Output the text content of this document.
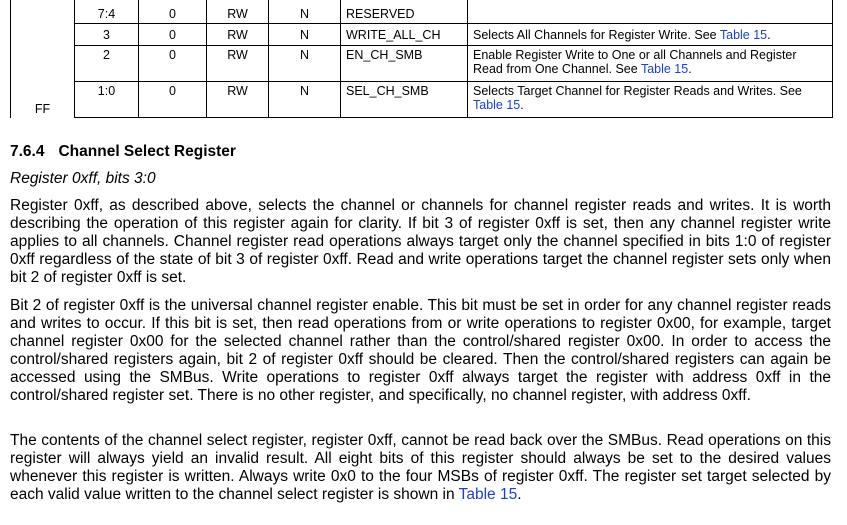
FF	7:4	0	RW	N	RESERVED	
	3	0	RW	N	WRITE_ALL_CH	Selects All Channels for Register Write. See Table 15.
	2	0	RW	N	EN_CH_SMB	Enable Register Write to One or all Channels and Register Read from One Channel. See Table 15.
	1:0	0	RW	N	SEL_CH_SMB	Selects Target Channel for Register Reads and Writes. See Table 15.
7.6.4 Channel Select Register
Register 0xff, bits 3:0

Register 0xff, as described above, selects the channel or channels for channel register reads and writes. It is worth describing the operation of this register again for clarity. If bit 3 of register 0xff is set, then any channel register write applies to all channels. Channel register read operations always target only the channel specified in bits 1:0 of register 0xff regardless of the state of bit 3 of register 0xff. Read and write operations target the channel register sets only when bit 2 of register 0xff is set.

Bit 2 of register 0xff is the universal channel register enable. This bit must be set in order for any channel register reads and writes to occur. If this bit is set, then read operations from or write operations to register 0x00, for example, target channel register 0x00 for the selected channel rather than the control/shared register 0x00. In order to access the control/shared registers again, bit 2 of register 0xff should be cleared. Then the control/shared registers can again be accessed using the SMBus. Write operations to register 0xff always target the register with address 0xff in the control/shared register set. There is no other register, and specifically, no channel register, with address 0xff.

The contents of the channel select register, register 0xff, cannot be read back over the SMBus. Read operations on this register will always yield an invalid result. All eight bits of this register should always be set to the desired values whenever this register is written. Always write 0x0 to the four MSBs of register 0xff. The register set target selected by each valid value written to the channel select register is shown in Table 15.
